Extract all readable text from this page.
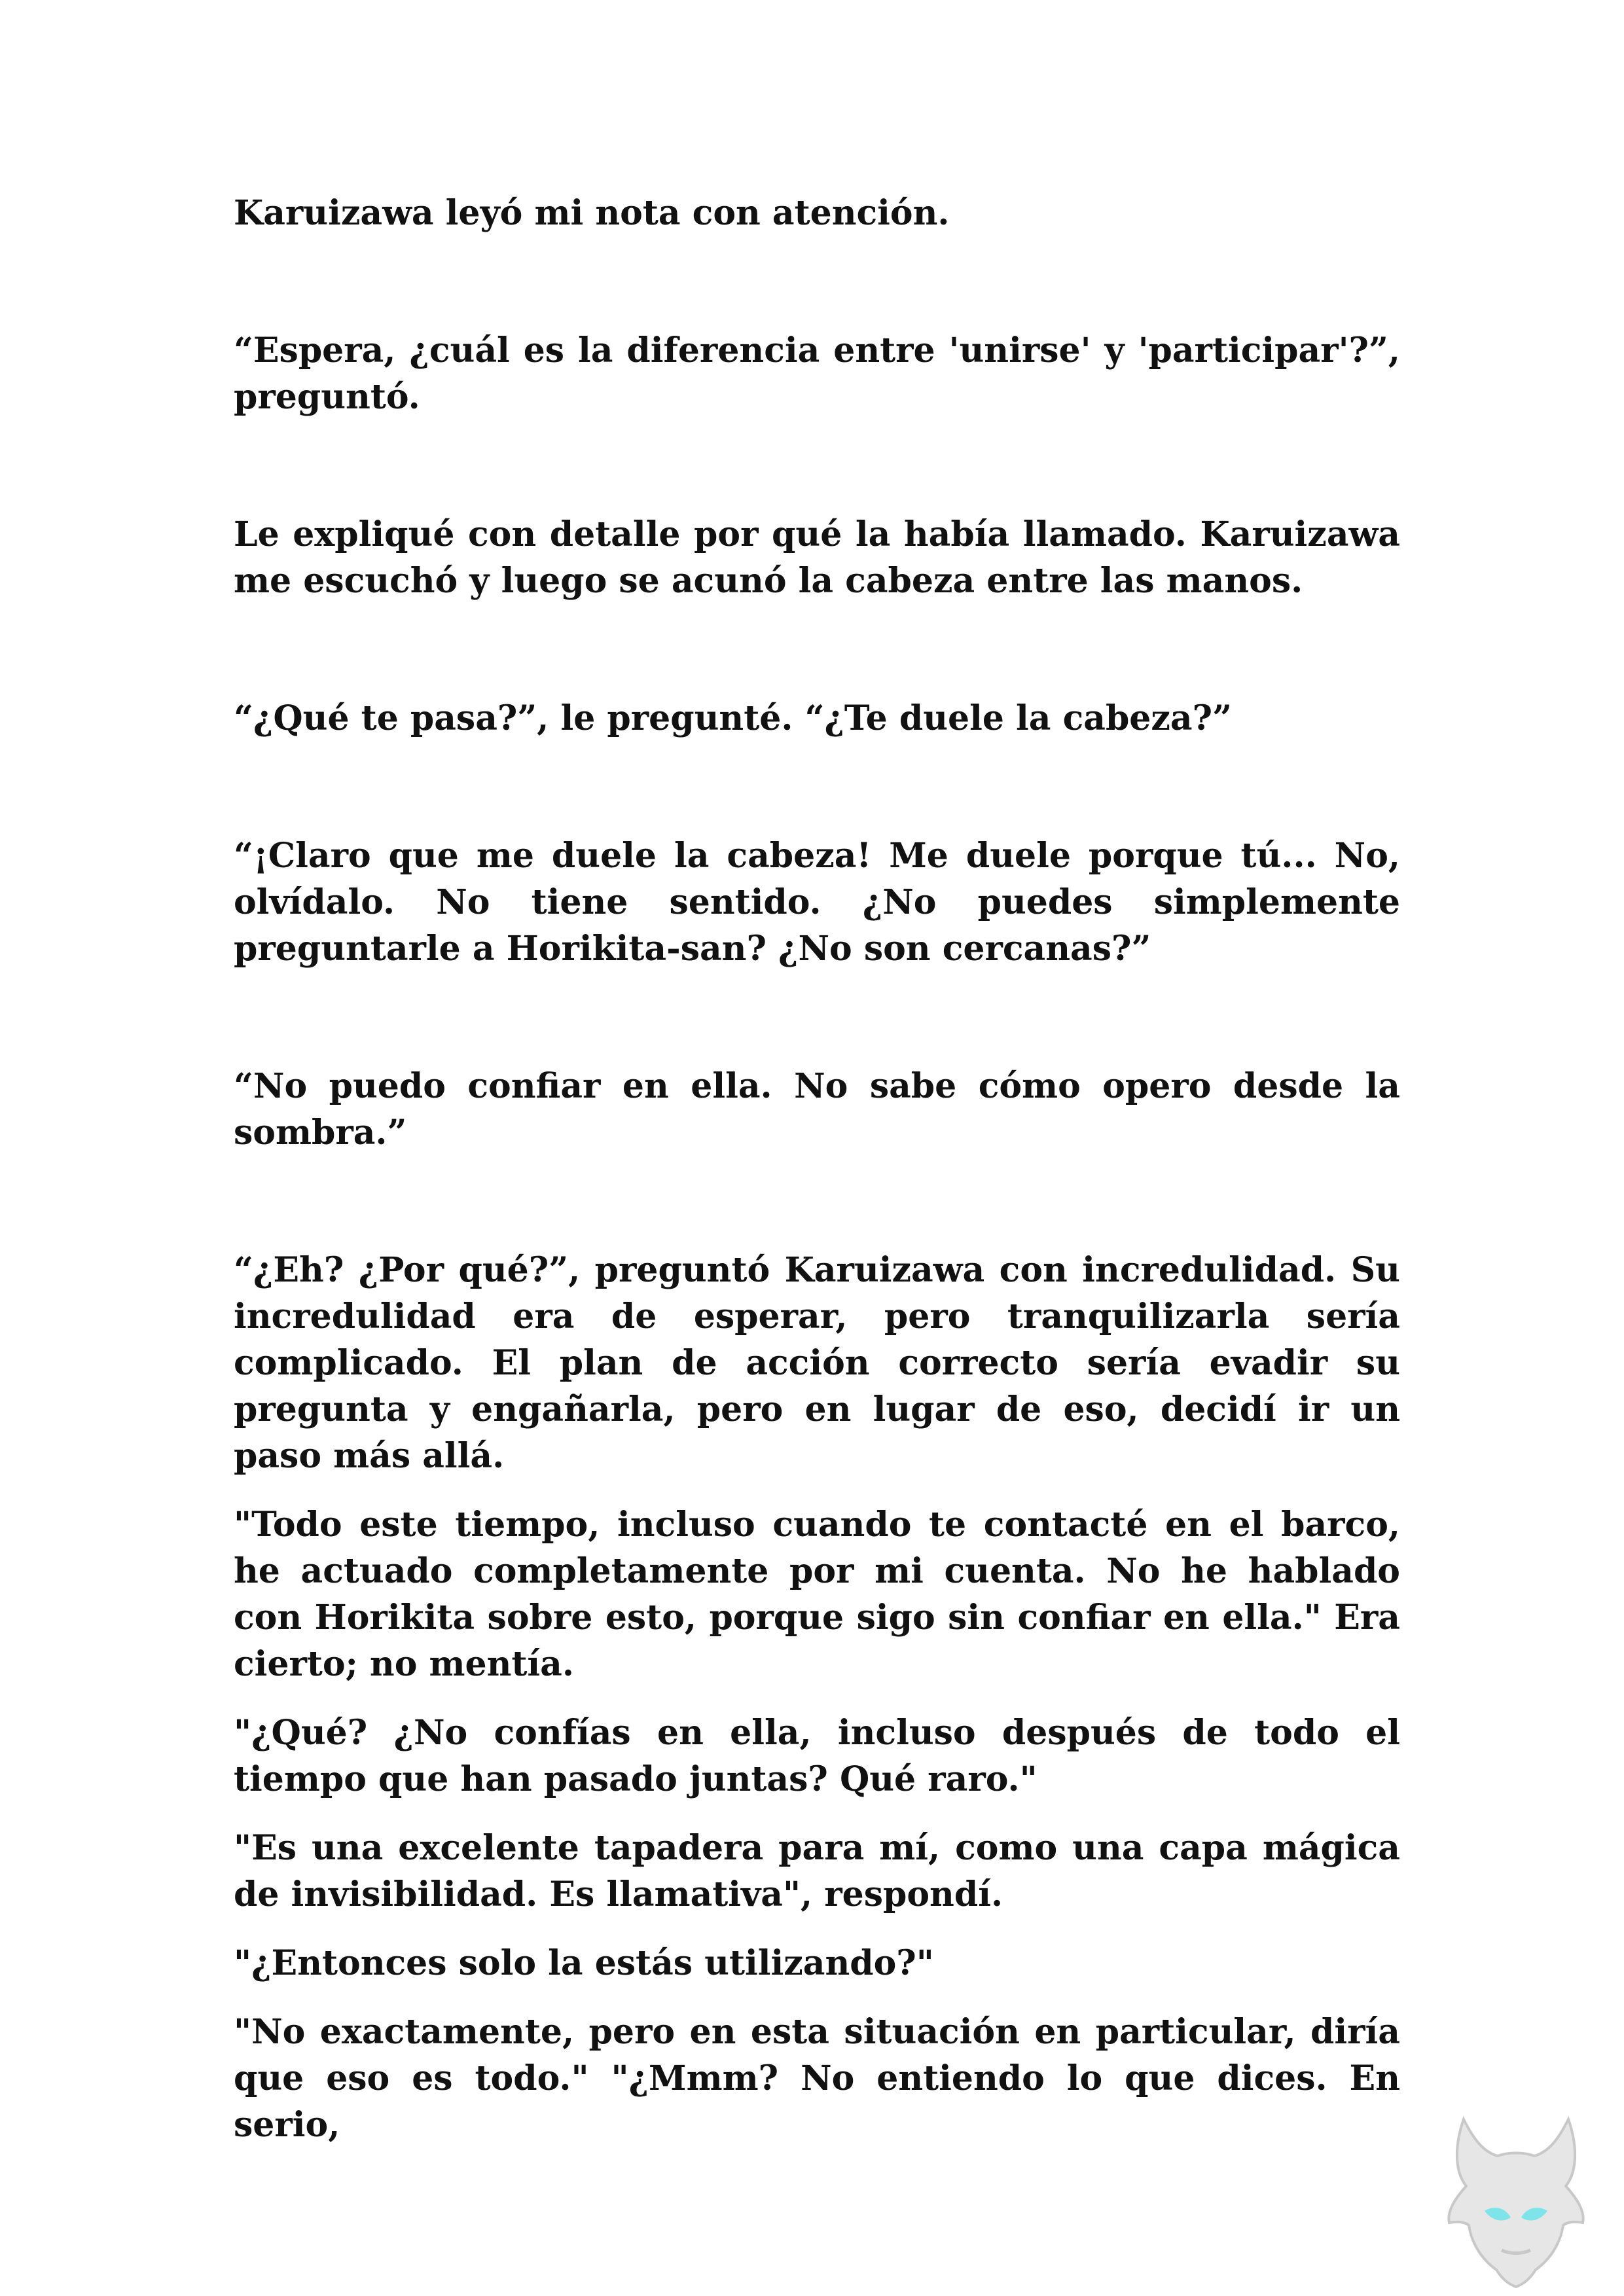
Karuizawa leyó mi nota con atención.

“Espera, ¿cuál es la diferencia entre 'unirse' y 'participar'?”, preguntó.

Le expliqué con detalle por qué la había llamado. Karuizawa me escuchó y luego se acunó la cabeza entre las manos.

“¿Qué te pasa?”, le pregunté. “¿Te duele la cabeza?”

“¡Claro que me duele la cabeza! Me duele porque tú... No, olvídalo. No tiene sentido. ¿No puedes simplemente preguntarle a Horikita-san? ¿No son cercanas?”

“No puedo confiar en ella. No sabe cómo opero desde la sombra.”

“¿Eh? ¿Por qué?”, preguntó Karuizawa con incredulidad. Su incredulidad era de esperar, pero tranquilizarla sería complicado. El plan de acción correcto sería evadir su pregunta y engañarla, pero en lugar de eso, decidí ir un paso más allá.

"Todo este tiempo, incluso cuando te contacté en el barco, he actuado completamente por mi cuenta. No he hablado con Horikita sobre esto, porque sigo sin confiar en ella." Era cierto; no mentía.

"¿Qué? ¿No confías en ella, incluso después de todo el tiempo que han pasado juntas? Qué raro."

"Es una excelente tapadera para mí, como una capa mágica de invisibilidad. Es llamativa", respondí.

"¿Entonces solo la estás utilizando?"

"No exactamente, pero en esta situación en particular, diría que eso es todo." "¿Mmm? No entiendo lo que dices. En serio,
